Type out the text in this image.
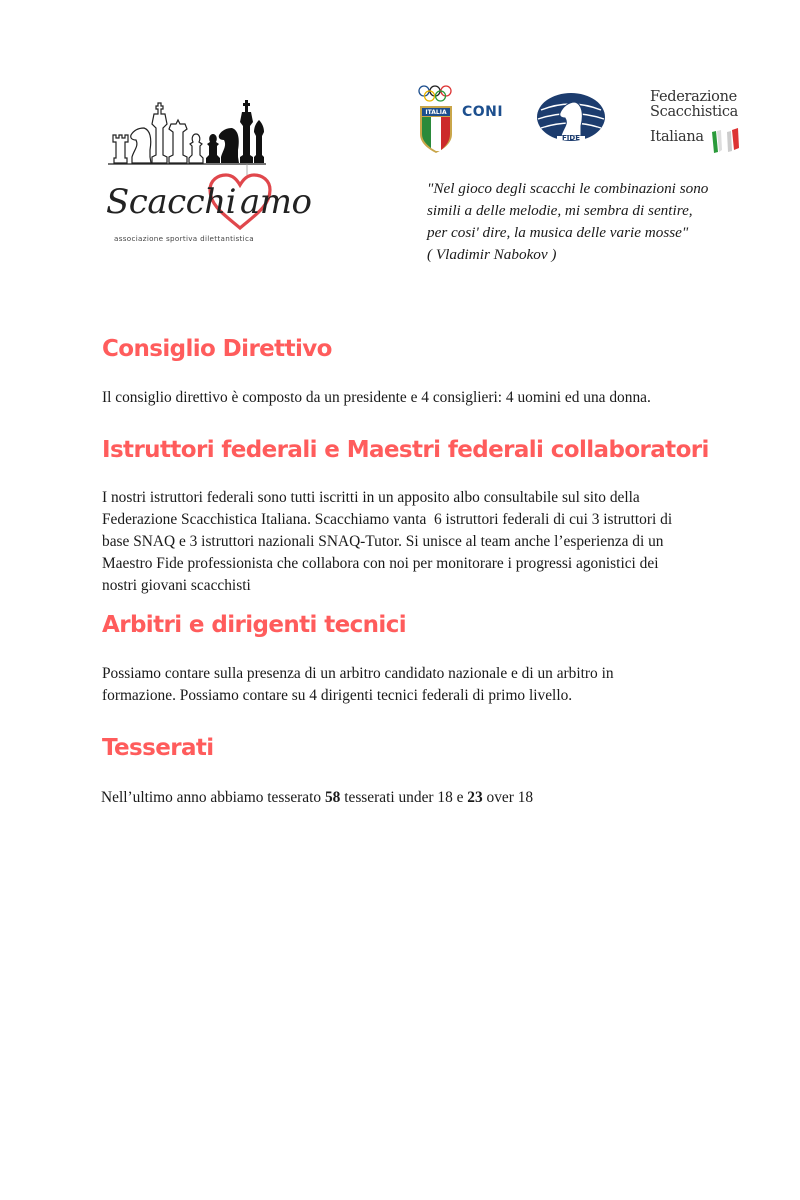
Scacchi amo
associazione sportiva dilettantistica
ITALIA	CONI
FIDE
Federazione
Scacchistica
Italiana
"Nel gioco degli scacchi le combinazioni sono
simili a delle melodie, mi sembra di sentire,
per cosi' dire, la musica delle varie mosse"
( Vladimir Nabokov )
Consiglio Direttivo

Il consiglio direttivo è composto da un presidente e 4 consiglieri: 4 uomini ed una donna.

Istruttori federali e Maestri federali collaboratori
I nostri istruttori federali sono tutti iscritti in un apposito albo consultabile sul sito della
Federazione Scacchistica Italiana. Scacchiamo vanta  6 istruttori federali di cui 3 istruttori di
base SNAQ e 3 istruttori nazionali SNAQ-Tutor. Si unisce al team anche l’esperienza di un
Maestro Fide professionista che collabora con noi per monitorare i progressi agonistici dei
nostri giovani scacchisti
Arbitri e dirigenti tecnici
Possiamo contare sulla presenza di un arbitro candidato nazionale e di un arbitro in
formazione. Possiamo contare su 4 dirigenti tecnici federali di primo livello.
Tesserati

Nell’ultimo anno abbiamo tesserato 58 tesserati under 18 e 23 over 18
